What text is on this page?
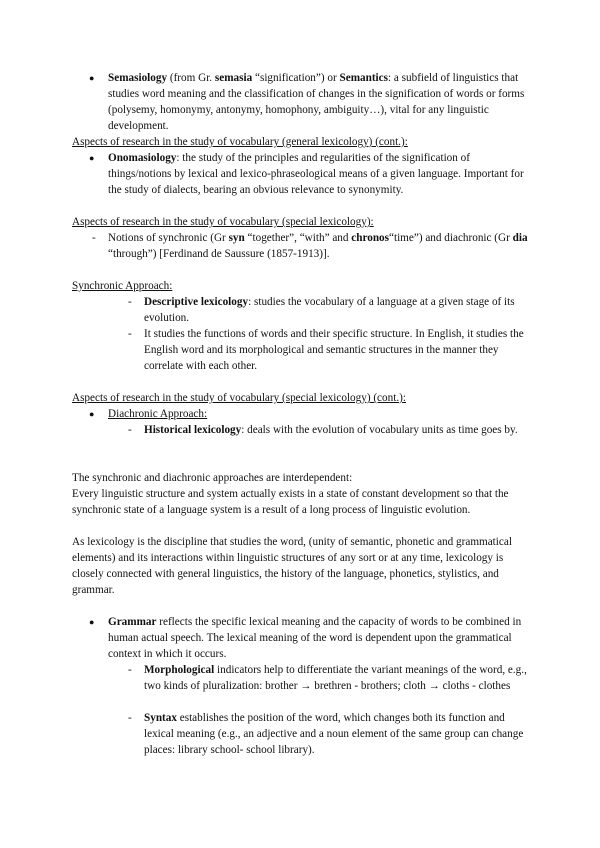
● Semasiology (from Gr. semasia “signification”) or Semantics: a subfield of linguistics that studies word meaning and the classification of changes in the signification of words or forms (polysemy, homonymy, antonymy, homophony, ambiguity…), vital for any linguistic development.

Aspects of research in the study of vocabulary (general lexicology) (cont.):
● Onomasiology: the study of the principles and regularities of the signification of things/notions by lexical and lexico-phraseological means of a given language. Important for the study of dialects, bearing an obvious relevance to synonymity.

Aspects of research in the study of vocabulary (special lexicology):
- Notions of synchronic (Gr syn “together”, “with” and chronos“time”) and diachronic (Gr dia “through”) [Ferdinand de Saussure (1857-1913)].

Synchronic Approach:
- Descriptive lexicology: studies the vocabulary of a language at a given stage of its evolution.

- It studies the functions of words and their specific structure. In English, it studies the English word and its morphological and semantic structures in the manner they correlate with each other.

Aspects of research in the study of vocabulary (special lexicology) (cont.):
● Diachronic Approach:

- Historical lexicology: deals with the evolution of vocabulary units as time goes by.

The synchronic and diachronic approaches are interdependent:

Every linguistic structure and system actually exists in a state of constant development so that the synchronic state of a language system is a result of a long process of linguistic evolution.

As lexicology is the discipline that studies the word, (unity of semantic, phonetic and grammatical elements) and its interactions within linguistic structures of any sort or at any time, lexicology is closely connected with general linguistics, the history of the language, phonetics, stylistics, and grammar.

● Grammar reflects the specific lexical meaning and the capacity of words to be combined in human actual speech. The lexical meaning of the word is dependent upon the grammatical context in which it occurs.

- Morphological indicators help to differentiate the variant meanings of the word, e.g., two kinds of pluralization: brother → brethren - brothers; cloth → cloths - clothes

- Syntax establishes the position of the word, which changes both its function and lexical meaning (e.g., an adjective and a noun element of the same group can change places: library school- school library).
